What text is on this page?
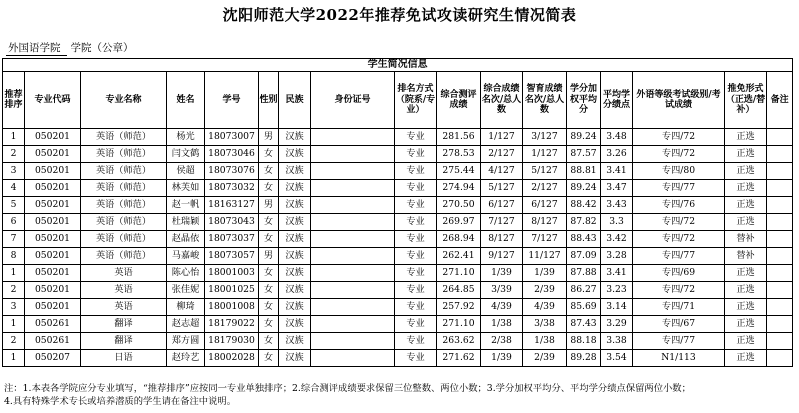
沈阳师范大学2022年推荐免试攻读研究生情况简表
外国语学院 学院（公章）
学生简况信息																
推荐排序	专业代码	专业名称	姓名	学号	性别	民族	身份证号	排名方式（院系/专业）	综合测评成绩	综合成绩名次/总人数	智育成绩名次/总人数	学分加权平均分	平均学分绩点	外语等级考试级别/考试成绩	推免形式（正选/替补）	备注
1	050201	英语（师范）	杨光	18073007	男	汉族		专业	281.56	1/127	3/127	89.24	3.48	专四/72	正选	
2	050201	英语（师范）	闫文鹤	18073046	女	汉族		专业	278.53	2/127	1/127	87.57	3.26	专四/72	正选	
3	050201	英语（师范）	侯超	18073076	女	汉族		专业	275.44	4/127	5/127	88.81	3.41	专四/80	正选	
4	050201	英语（师范）	林芙如	18073032	女	汉族		专业	274.94	5/127	2/127	89.24	3.47	专四/77	正选	
5	050201	英语（师范）	赵一帆	18163127	男	汉族		专业	270.50	6/127	6/127	88.42	3.43	专四/76	正选	
6	050201	英语（师范）	杜瑞颖	18073043	女	汉族		专业	269.97	7/127	8/127	87.82	3.3	专四/72	正选	
7	050201	英语（师范）	赵晶依	18073037	女	汉族		专业	268.94	8/127	7/127	88.43	3.42	专四/72	替补	
8	050201	英语（师范）	马嘉峻	18073057	男	汉族		专业	262.41	9/127	11/127	87.09	3.28	专四/77	替补	
1	050201	英语	陈心怡	18001003	女	汉族		专业	271.10	1/39	1/39	87.88	3.41	专四/69	正选	
2	050201	英语	张佳妮	18001025	女	汉族		专业	264.85	3/39	2/39	86.27	3.23	专四/72	正选	
3	050201	英语	柳琦	18001008	女	汉族		专业	257.92	4/39	4/39	85.69	3.14	专四/71	正选	
1	050261	翻译	赵志超	18179022	女	汉族		专业	271.10	1/38	3/38	87.43	3.29	专四/67	正选	
2	050261	翻译	郑方圆	18179030	女	汉族		专业	263.62	2/38	1/38	88.18	3.38	专四/77	正选	
1	050207	日语	赵玲艺	18002028	女	汉族		专业	271.62	1/39	2/39	89.28	3.54	N1/113	正选	
注：1.本表各学院应分专业填写，“推荐排序”应按同一专业单独排序；2.综合测评成绩要求保留三位整数、两位小数；3.学分加权平均分、平均学分绩点保留两位小数；
4.具有特殊学术专长或培养潜质的学生请在备注中说明。
